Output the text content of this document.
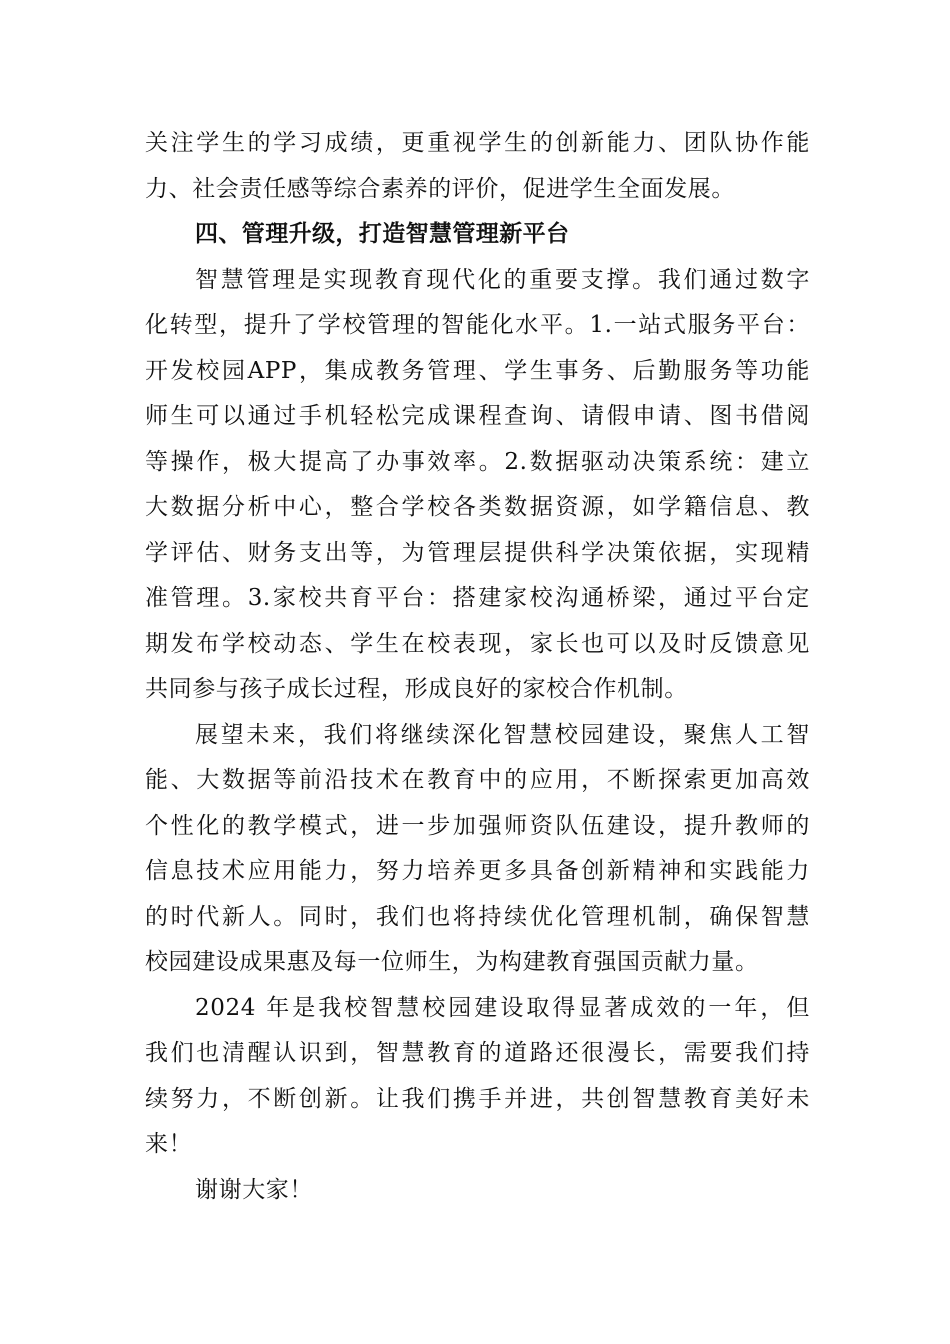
关注学生的学习成绩，更重视学生的创新能力、团队协作能
力、社会责任感等综合素养的评价，促进学生全面发展。
四、管理升级，打造智慧管理新平台
智慧管理是实现教育现代化的重要支撑。我们通过数字
化转型，提升了学校管理的智能化水平。1.一站式服务平台：
开发校园APP，集成教务管理、学生事务、后勤服务等功能
师生可以通过手机轻松完成课程查询、请假申请、图书借阅
等操作，极大提高了办事效率。2.数据驱动决策系统：建立
大数据分析中心，整合学校各类数据资源，如学籍信息、教
学评估、财务支出等，为管理层提供科学决策依据，实现精
准管理。3.家校共育平台：搭建家校沟通桥梁，通过平台定
期发布学校动态、学生在校表现，家长也可以及时反馈意见
共同参与孩子成长过程，形成良好的家校合作机制。
展望未来，我们将继续深化智慧校园建设，聚焦人工智
能、大数据等前沿技术在教育中的应用，不断探索更加高效
个性化的教学模式，进一步加强师资队伍建设，提升教师的
信息技术应用能力，努力培养更多具备创新精神和实践能力
的时代新人。同时，我们也将持续优化管理机制，确保智慧
校园建设成果惠及每一位师生，为构建教育强国贡献力量。
2024 年是我校智慧校园建设取得显著成效的一年，但
我们也清醒认识到，智慧教育的道路还很漫长，需要我们持
续努力，不断创新。让我们携手并进，共创智慧教育美好未
来！
谢谢大家！
